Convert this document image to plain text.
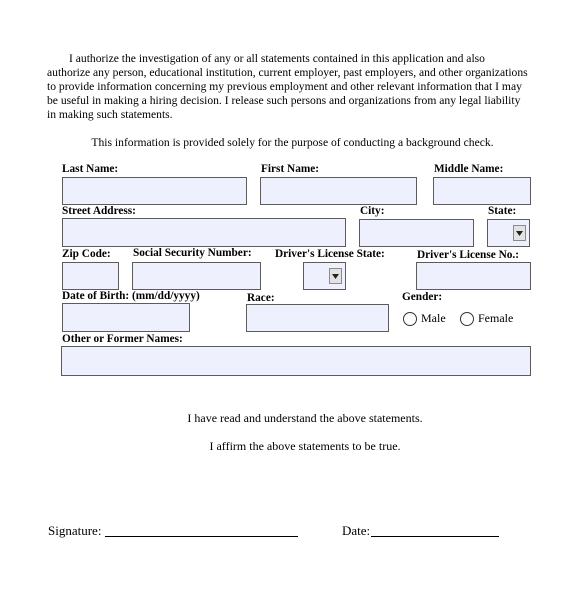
I authorize the investigation of any or all statements contained in this application and also
authorize any person, educational institution, current employer, past employers, and other organizations
to provide information concerning my previous employment and other relevant information that I may
be useful in making a hiring decision. I release such persons and organizations from any legal liability
in making such statements.
This information is provided solely for the purpose of conducting a background check.
Last Name:	First Name:	Middle Name:
Street Address:	City:	State:
Zip Code: Social Security Number: Driver's License State:	Driver's License No.:
Date of Birth: (mm/dd/yyyy)	Race:	Gender:
Male	Female
Other or Former Names:
I have read and understand the above statements.
I affirm the above statements to be true.
Signature:	Date:
